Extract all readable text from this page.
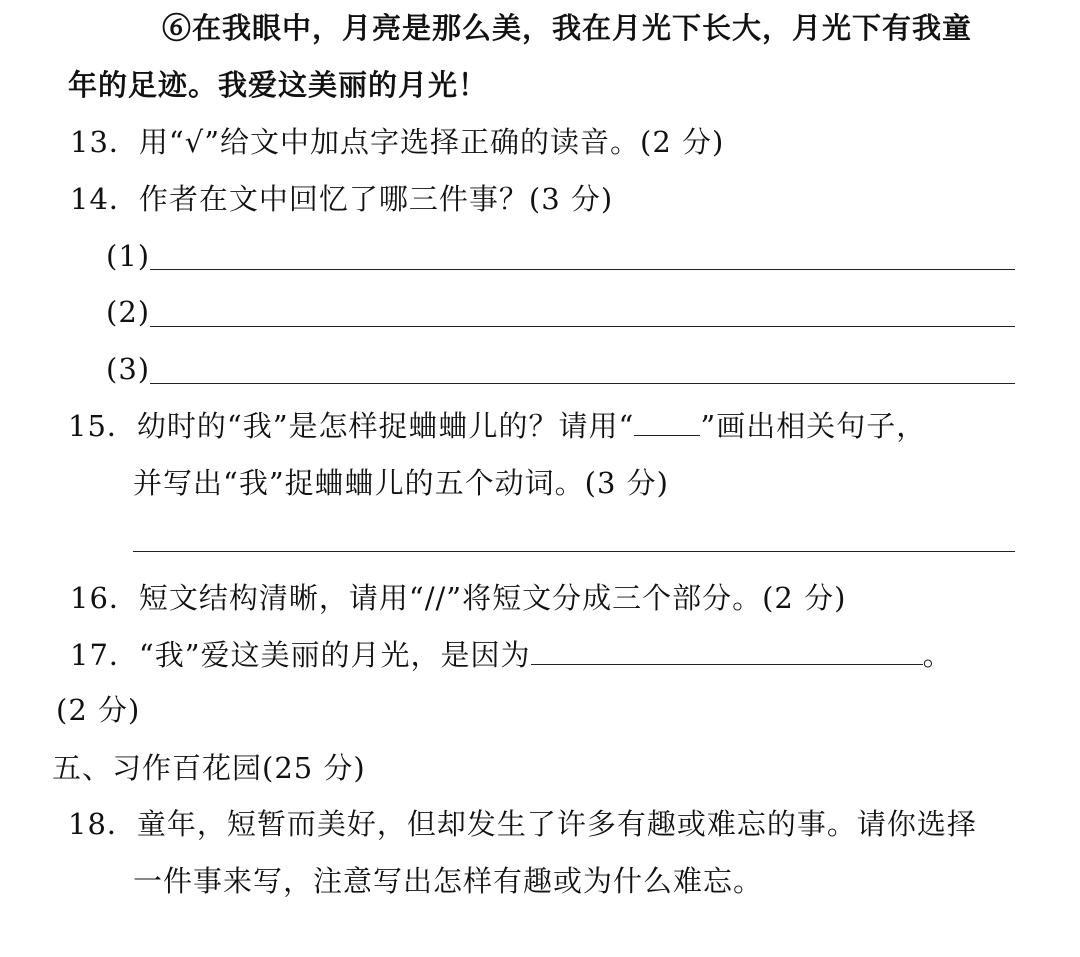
⑥在我眼中，月亮是那么美，我在月光下长大，月光下有我童
年的足迹。我爱这美丽的月光！
13．用“√”给文中加点字选择正确的读音。(2 分)
14．作者在文中回忆了哪三件事？(3 分)
(1)
(2)
(3)
15．幼时的“我”是怎样捉蛐蛐儿的？请用“ ”画出相关句子，
并写出“我”捉蛐蛐儿的五个动词。(3 分)
16．短文结构清晰，请用“//”将短文分成三个部分。(2 分)
17．“我”爱这美丽的月光，是因为	。
(2 分)
五、习作百花园(25 分)
18．童年，短暂而美好，但却发生了许多有趣或难忘的事。请你选择
一件事来写，注意写出怎样有趣或为什么难忘。
